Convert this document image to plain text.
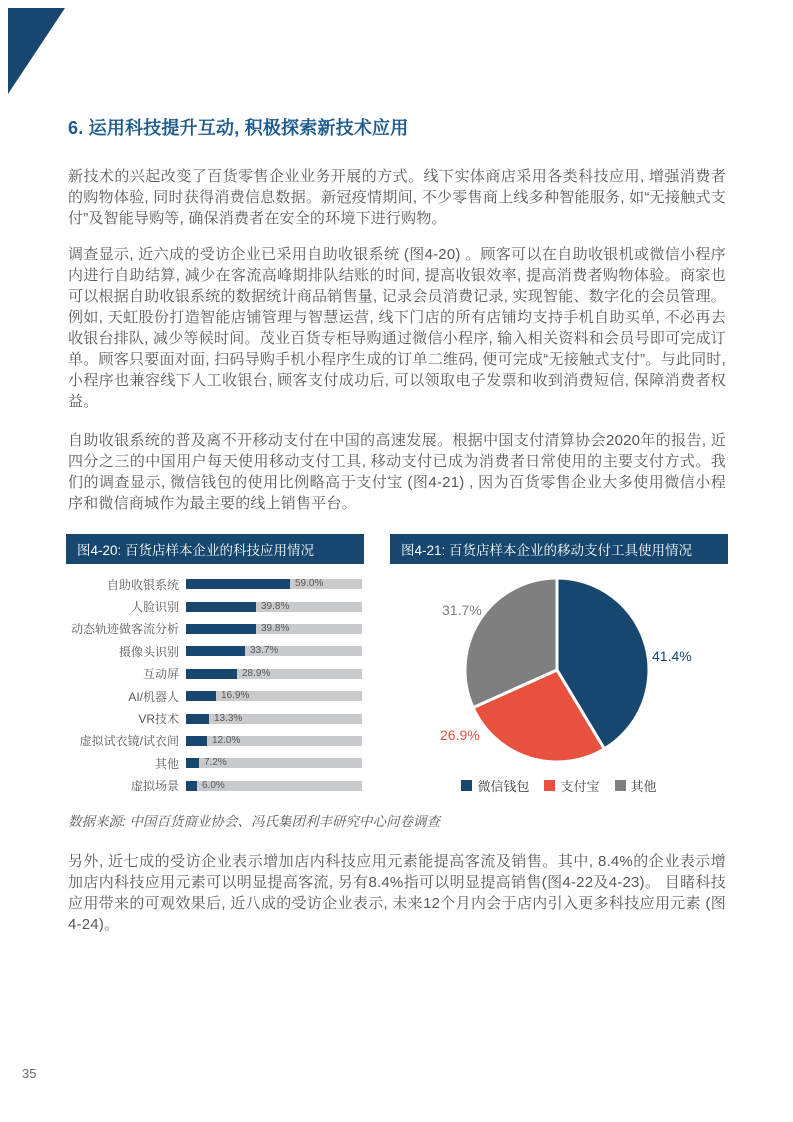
6. 运用科技提升互动, 积极探索新技术应用

新技术的兴起改变了百货零售企业业务开展的方式。线下实体商店采用各类科技应用, 增强消费者的购物体验, 同时获得消费信息数据。新冠疫情期间, 不少零售商上线多种智能服务, 如“无接触式支付”及智能导购等, 确保消费者在安全的环境下进行购物。

调查显示, 近六成的受访企业已采用自助收银系统 (图4-20) 。顾客可以在自助收银机或微信小程序内进行自助结算, 减少在客流高峰期排队结账的时间, 提高收银效率, 提高消费者购物体验。商家也可以根据自助收银系统的数据统计商品销售量, 记录会员消费记录, 实现智能、数字化的会员管理。例如, 天虹股份打造智能店铺管理与智慧运营, 线下门店的所有店铺均支持手机自助买单, 不必再去收银台排队, 减少等候时间。茂业百货专柜导购通过微信小程序, 输入相关资料和会员号即可完成订单。顾客只要面对面, 扫码导购手机小程序生成的订单二维码, 便可完成“无接触式支付”。与此同时, 小程序也兼容线下人工收银台, 顾客支付成功后, 可以领取电子发票和收到消费短信, 保障消费者权益。

自助收银系统的普及离不开移动支付在中国的高速发展。根据中国支付清算协会2020年的报告, 近四分之三的中国用户每天使用移动支付工具, 移动支付已成为消费者日常使用的主要支付方式。我们的调查显示, 微信钱包的使用比例略高于支付宝 (图4-21) , 因为百货零售企业大多使用微信小程序和微信商城作为最主要的线上销售平台。

图4-20: 百货店样本企业的科技应用情况
自助收银系统	59.0%
人脸识别	39.8%
动态轨迹做客流分析	39.8%
摄像头识别	33.7%
互动屏	28.9%
AI/机器人	16.9%
VR技术	13.3%
虚拟试衣镜/试衣间	12.0%
其他	7.2%
虚拟场景	6.0%
图4-21: 百货店样本企业的移动支付工具使用情况
41.4%
26.9%
31.7%
微信钱包 支付宝 其他
数据来源: 中国百货商业协会、冯氏集团利丰研究中心问卷调查

另外, 近七成的受访企业表示增加店内科技应用元素能提高客流及销售。其中, 8.4%的企业表示增加店内科技应用元素可以明显提高客流, 另有8.4%指可以明显提高销售(图4-22及4-23)。 目睹科技应用带来的可观效果后, 近八成的受访企业表示, 未来12个月内会于店内引入更多科技应用元素 (图4-24)。

35
